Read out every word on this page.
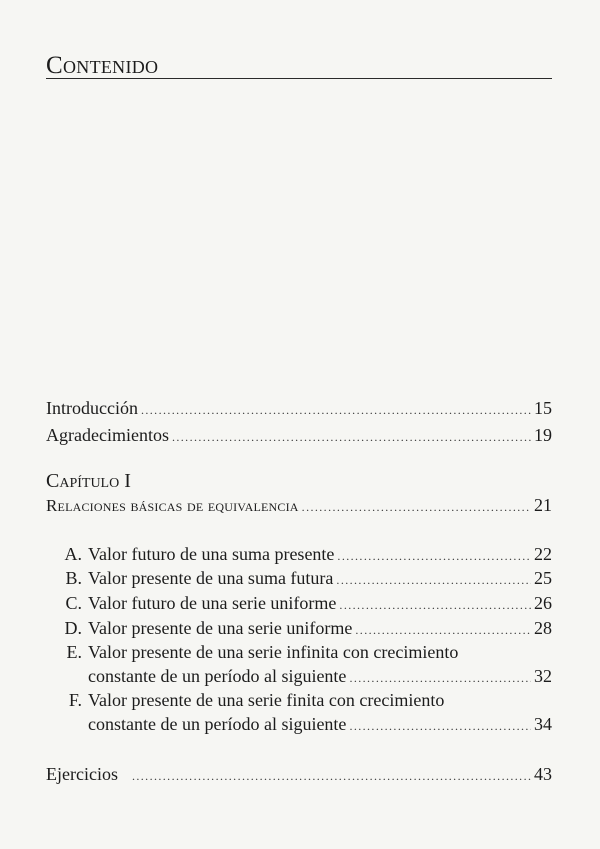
Contenido
Introducción .....	15
Agradecimientos .....	19
Capítulo I
Relaciones básicas de equivalencia .....	21
A. Valor futuro de una suma presente .....	22
B. Valor presente de una suma futura .....	25
C. Valor futuro de una serie uniforme .....	26
D. Valor presente de una serie uniforme .....	28
E. Valor presente de una serie infinita con crecimiento
constante de un período al siguiente .....	32
F. Valor presente de una serie finita con crecimiento
constante de un período al siguiente .....	34
Ejercicios .....	43
